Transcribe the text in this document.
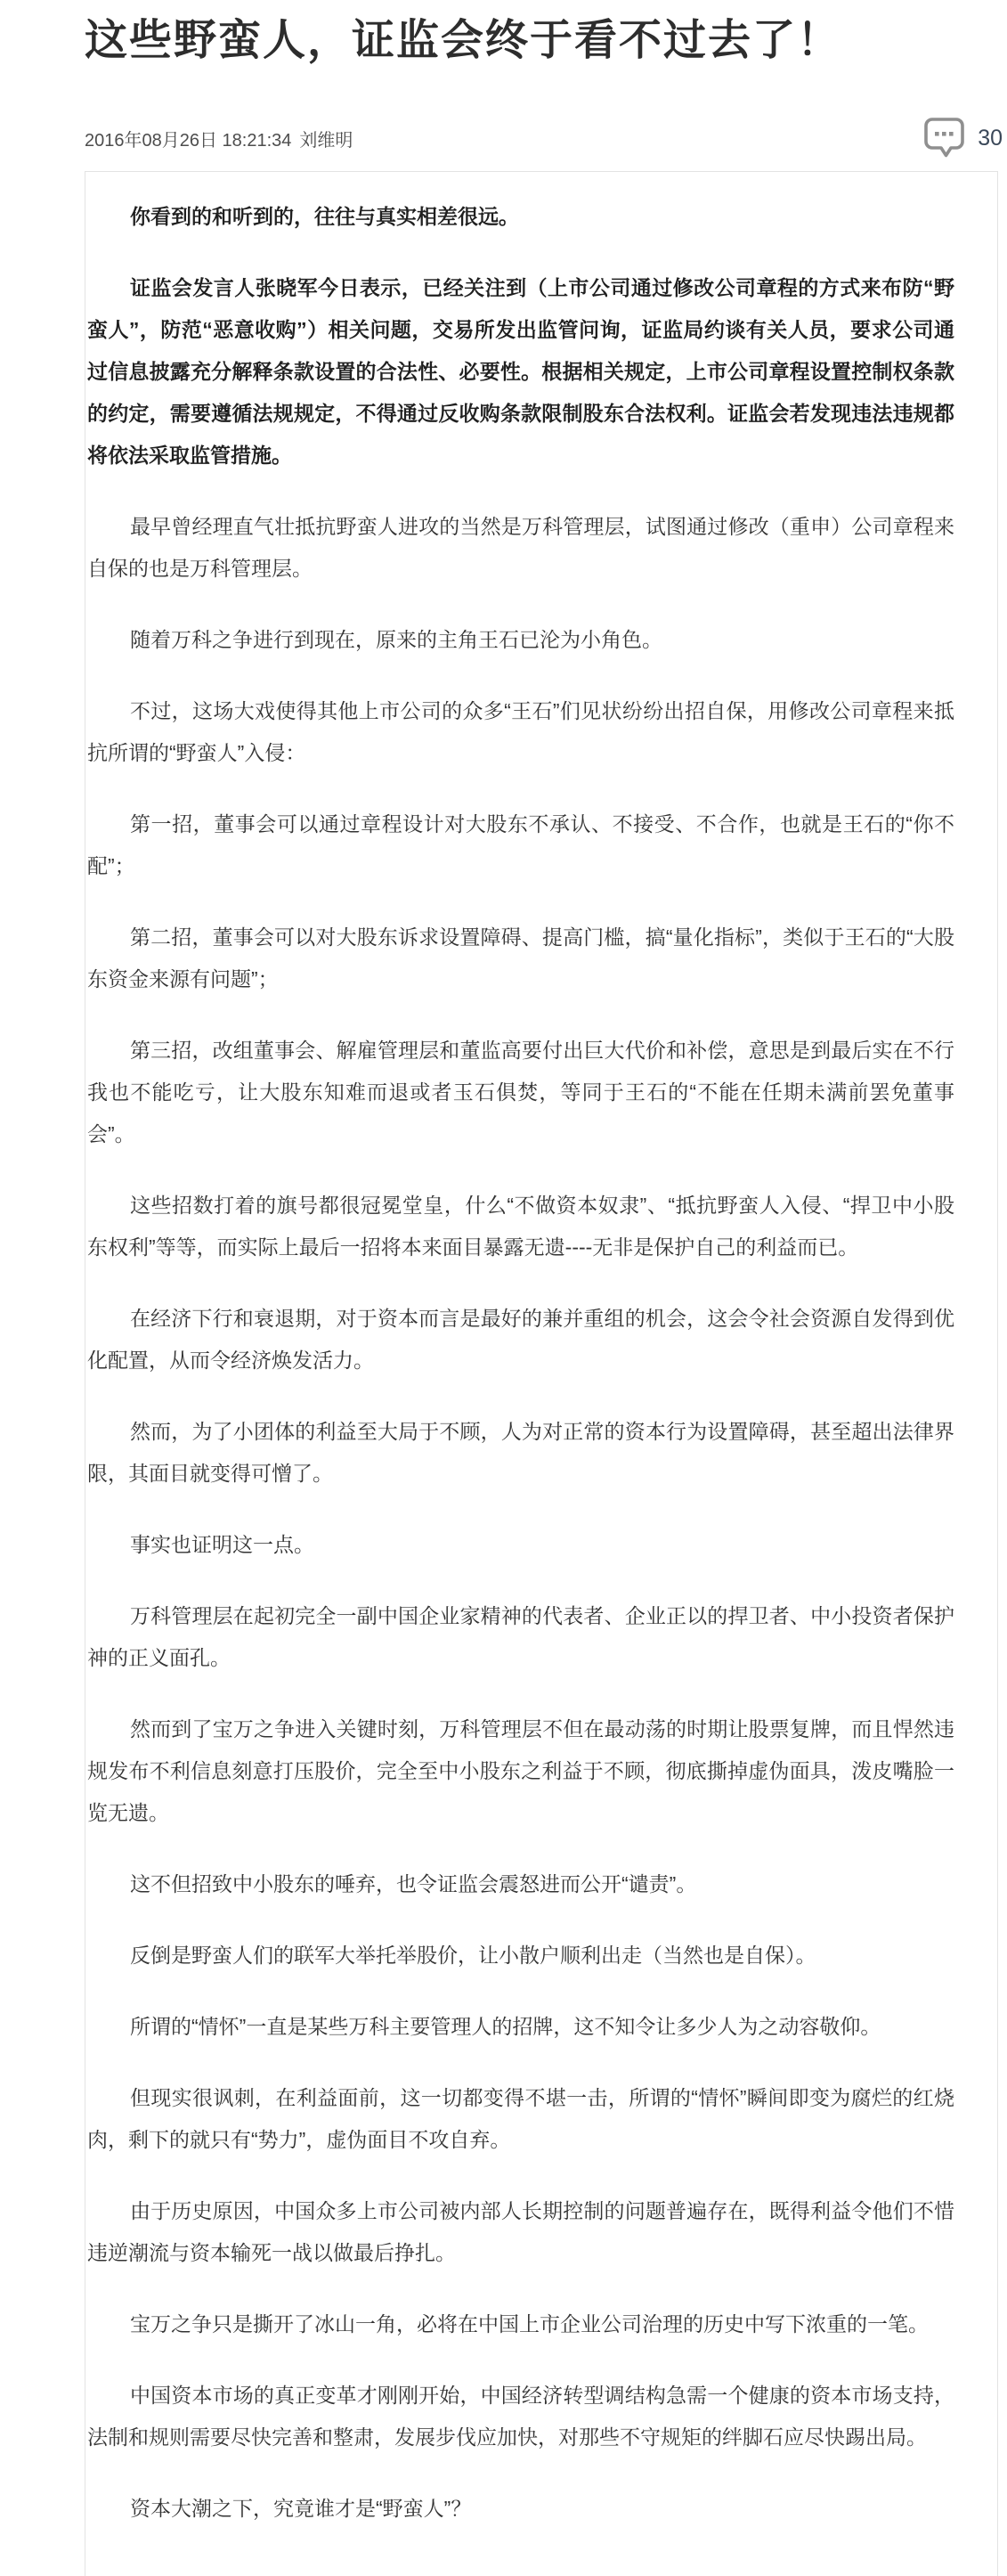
这些野蛮人，证监会终于看不过去了！
2016年08月26日 18:21:34 刘维明	30

你看到的和听到的，往往与真实相差很远。

证监会发言人张晓军今日表示，已经关注到（上市公司通过修改公司章程的方式来布防“野蛮人”，防范“恶意收购”）相关问题，交易所发出监管问询，证监局约谈有关人员，要求公司通过信息披露充分解释条款设置的合法性、必要性。根据相关规定，上市公司章程设置控制权条款的约定，需要遵循法规规定，不得通过反收购条款限制股东合法权利。证监会若发现违法违规都将依法采取监管措施。

最早曾经理直气壮抵抗野蛮人进攻的当然是万科管理层，试图通过修改（重申）公司章程来自保的也是万科管理层。

随着万科之争进行到现在，原来的主角王石已沦为小角色。

不过，这场大戏使得其他上市公司的众多“王石”们见状纷纷出招自保，用修改公司章程来抵抗所谓的“野蛮人”入侵：

第一招，董事会可以通过章程设计对大股东不承认、不接受、不合作，也就是王石的“你不配”；

第二招，董事会可以对大股东诉求设置障碍、提高门槛，搞“量化指标”，类似于王石的“大股东资金来源有问题”；

第三招，改组董事会、解雇管理层和董监高要付出巨大代价和补偿，意思是到最后实在不行我也不能吃亏，让大股东知难而退或者玉石俱焚，等同于王石的“不能在任期未满前罢免董事会”。

这些招数打着的旗号都很冠冕堂皇，什么“不做资本奴隶”、“抵抗野蛮人入侵、“捍卫中小股东权利”等等，而实际上最后一招将本来面目暴露无遗----无非是保护自己的利益而已。

在经济下行和衰退期，对于资本而言是最好的兼并重组的机会，这会令社会资源自发得到优化配置，从而令经济焕发活力。

然而，为了小团体的利益至大局于不顾，人为对正常的资本行为设置障碍，甚至超出法律界限，其面目就变得可憎了。

事实也证明这一点。

万科管理层在起初完全一副中国企业家精神的代表者、企业正以的捍卫者、中小投资者保护神的正义面孔。

然而到了宝万之争进入关键时刻，万科管理层不但在最动荡的时期让股票复牌，而且悍然违规发布不利信息刻意打压股价，完全至中小股东之利益于不顾，彻底撕掉虚伪面具，泼皮嘴脸一览无遗。

这不但招致中小股东的唾弃，也令证监会震怒进而公开“谴责”。

反倒是野蛮人们的联军大举托举股价，让小散户顺利出走（当然也是自保）。

所谓的“情怀”一直是某些万科主要管理人的招牌，这不知令让多少人为之动容敬仰。

但现实很讽刺，在利益面前，这一切都变得不堪一击，所谓的“情怀”瞬间即变为腐烂的红烧肉，剩下的就只有“势力”，虚伪面目不攻自弃。

由于历史原因，中国众多上市公司被内部人长期控制的问题普遍存在，既得利益令他们不惜违逆潮流与资本输死一战以做最后挣扎。

宝万之争只是撕开了冰山一角，必将在中国上市企业公司治理的历史中写下浓重的一笔。

中国资本市场的真正变革才刚刚开始，中国经济转型调结构急需一个健康的资本市场支持，法制和规则需要尽快完善和整肃，发展步伐应加快，对那些不守规矩的绊脚石应尽快踢出局。

资本大潮之下，究竟谁才是“野蛮人”？
